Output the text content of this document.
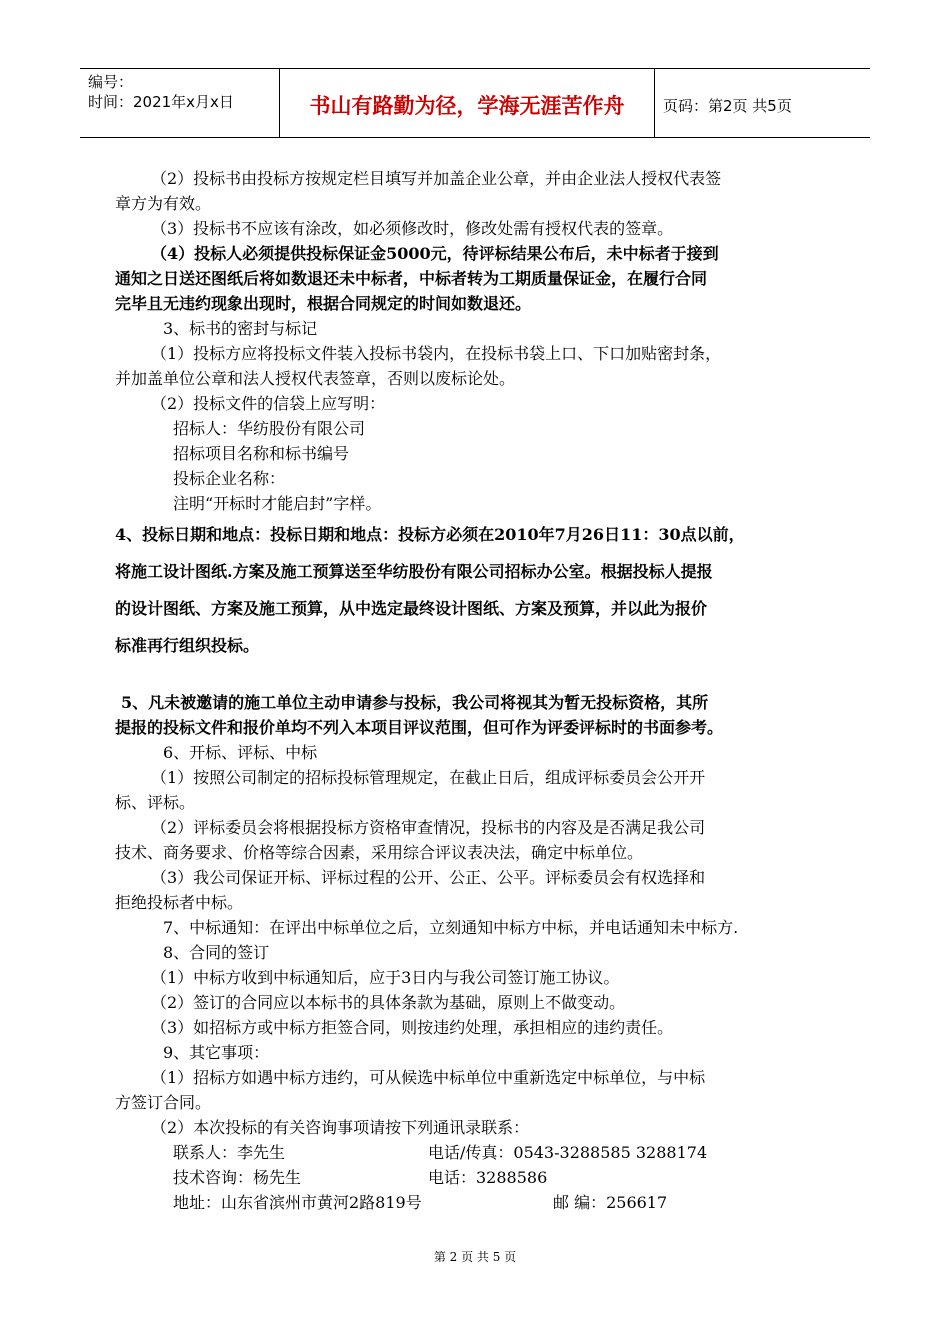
编号：
时间：2021年x月x日	书山有路勤为径，学海无涯苦作舟	页码：第2页 共5页

（2）投标书由投标方按规定栏目填写并加盖企业公章，并由企业法人授权代表签

章方为有效。

（3）投标书不应该有涂改，如必须修改时，修改处需有授权代表的签章。

（4）投标人必须提供投标保证金5000元，待评标结果公布后，未中标者于接到

通知之日送还图纸后将如数退还未中标者，中标者转为工期质量保证金，在履行合同

完毕且无违约现象出现时，根据合同规定的时间如数退还。

3、标书的密封与标记

（1）投标方应将投标文件装入投标书袋内，在投标书袋上口、下口加贴密封条，

并加盖单位公章和法人授权代表签章，否则以废标论处。

（2）投标文件的信袋上应写明：

招标人：华纺股份有限公司

招标项目名称和标书编号

投标企业名称：

注明“开标时才能启封”字样。

4、投标日期和地点：投标日期和地点：投标方必须在2010年7月26日11：30点以前，

将施工设计图纸.方案及施工预算送至华纺股份有限公司招标办公室。根据投标人提报

的设计图纸、方案及施工预算，从中选定最终设计图纸、方案及预算，并以此为报价

标准再行组织投标。

5、凡未被邀请的施工单位主动申请参与投标，我公司将视其为暂无投标资格，其所

提报的投标文件和报价单均不列入本项目评议范围，但可作为评委评标时的书面参考。

6、开标、评标、中标

（1）按照公司制定的招标投标管理规定，在截止日后，组成评标委员会公开开

标、评标。

（2）评标委员会将根据投标方资格审查情况，投标书的内容及是否满足我公司

技术、商务要求、价格等综合因素，采用综合评议表决法，确定中标单位。

（3）我公司保证开标、评标过程的公开、公正、公平。评标委员会有权选择和

拒绝投标者中标。

7、中标通知：在评出中标单位之后，立刻通知中标方中标，并电话通知未中标方.

8、合同的签订

（1）中标方收到中标通知后，应于3日内与我公司签订施工协议。

（2）签订的合同应以本标书的具体条款为基础，原则上不做变动。

（3）如招标方或中标方拒签合同，则按违约处理，承担相应的违约责任。

9、其它事项：

（1）招标方如遇中标方违约，可从候选中标单位中重新选定中标单位，与中标

方签订合同。

（2）本次投标的有关咨询事项请按下列通讯录联系：

联系人：李先生	电话/传真：0543-3288585 3288174
技术咨询：杨先生	电话：3288586
地址：山东省滨州市黄河2路819号	邮 编：256617
第 2 页 共 5 页
